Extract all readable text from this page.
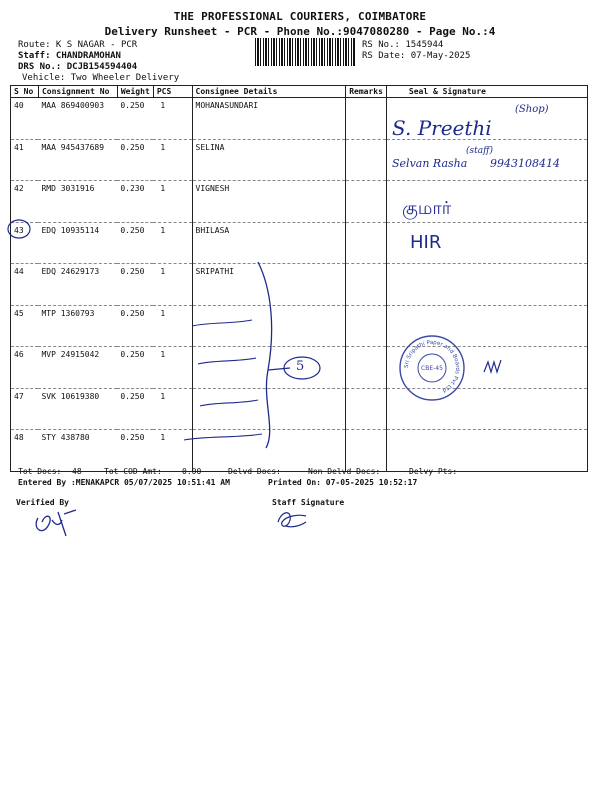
THE PROFESSIONAL COURIERS, COIMBATORE
Delivery Runsheet - PCR - Phone No.:9047080280 - Page No.:4
Route: K S NAGAR - PCR
Staff: CHANDRAMOHAN
DRS No.: DCJB154594404
Vehicle: Two Wheeler Delivery
RS No.: 1545944
RS Date: 07-May-2025
S No	Consignment No	Weight	PCS	Consignee Details	Remarks	Seal & Signature
40	MAA 869400903	0.250	1	MOHANASUNDARI		
41	MAA 945437689	0.250	1	SELINA		
42	RMD 3031916	0.230	1	VIGNESH		
43	EDQ 10935114	0.250	1	BHILASA		
44	EDQ 24629173	0.250	1	SRIPATHI		
45	MTP 1360793	0.250	1			
46	MVP 24915042	0.250	1			
47	SVK 10619380	0.250	1			
48	STY 438780	0.250	1			
S. Preethi
(Shop)
Selvan Rasha
(staff)
9943108414
குமார்
HIR
5	Sri Sripathi Paper and Boards Pvt Ltd
CBE-45
Tot Docs: 48	Tot COD Amt:	0.00	Delvd Docs:	Non Delvd Docs:	Delvy Pts:
Entered By :MENAKAPCR 05/07/2025 10:51:41 AM	Printed On: 07-05-2025 10:52:17
Verified By	Staff Signature
